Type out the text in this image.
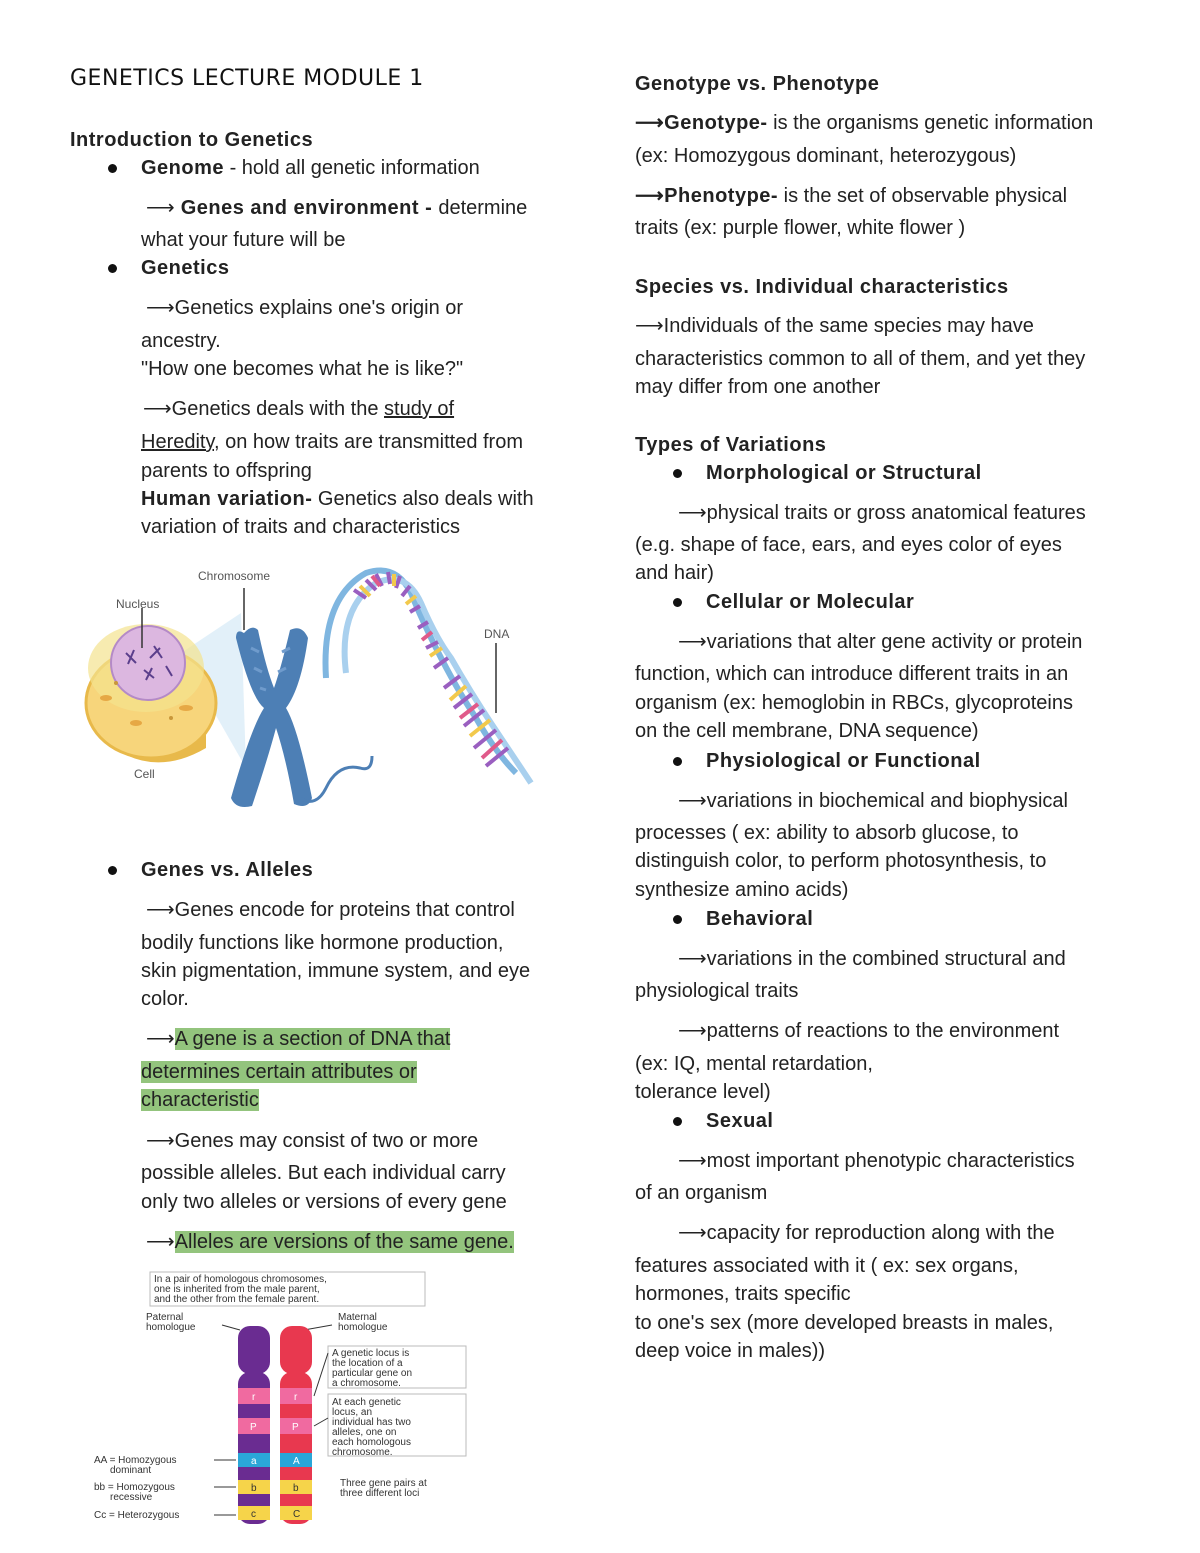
GENETICS LECTURE MODULE 1

Introduction to Genetics

Genome - hold all genetic information

⟶ Genes and environment - determine

what your future will be

Genetics

⟶Genetics explains one's origin or

ancestry.

"How one becomes what he is like?"

⟶Genetics deals with the study of

Heredity, on how traits are transmitted from

parents to offspring

Human variation- Genetics also deals with

variation of traits and characteristics

Chromosome
Nucleus
DNA
Cell

Genes vs. Alleles

⟶Genes encode for proteins that control

bodily functions like hormone production,

skin pigmentation, immune system, and eye

color.

⟶A gene is a section of DNA that

determines certain attributes or

characteristic

⟶Genes may consist of two or more

possible alleles. But each individual carry

only two alleles or versions of every gene

⟶Alleles are versions of the same gene.

In a pair of homologous chromosomes,
one is inherited from the male parent,
and the other from the female parent.
Paternal
homologue
Maternal
homologue
r	r
P	P
a	A
b	b
c	C
A genetic locus is
the location of a
particular gene on
a chromosome.
At each genetic
locus, an
individual has two
alleles, one on
each homologous
chromosome.
Three gene pairs at
three different loci
AA = Homozygous
dominant
bb = Homozygous
recessive
Cc = Heterozygous

Genotype vs. Phenotype

⟶Genotype- is the organisms genetic information

(ex: Homozygous dominant, heterozygous)

⟶Phenotype- is the set of observable physical

traits (ex: purple flower, white flower )

Species vs. Individual characteristics

⟶Individuals of the same species may have

characteristics common to all of them, and yet they

may differ from one another

Types of Variations

Morphological or Structural

⟶physical traits or gross anatomical features

(e.g. shape of face, ears, and eyes color of eyes

and hair)

Cellular or Molecular

⟶variations that alter gene activity or protein

function, which can introduce different traits in an

organism (ex: hemoglobin in RBCs, glycoproteins

on the cell membrane, DNA sequence)

Physiological or Functional

⟶variations in biochemical and biophysical

processes ( ex: ability to absorb glucose, to

distinguish color, to perform photosynthesis, to

synthesize amino acids)

Behavioral

⟶variations in the combined structural and

physiological traits

⟶patterns of reactions to the environment

(ex: IQ, mental retardation,

tolerance level)

Sexual

⟶most important phenotypic characteristics

of an organism

⟶capacity for reproduction along with the

features associated with it ( ex: sex organs,

hormones, traits specific

to one's sex (more developed breasts in males,

deep voice in males))
